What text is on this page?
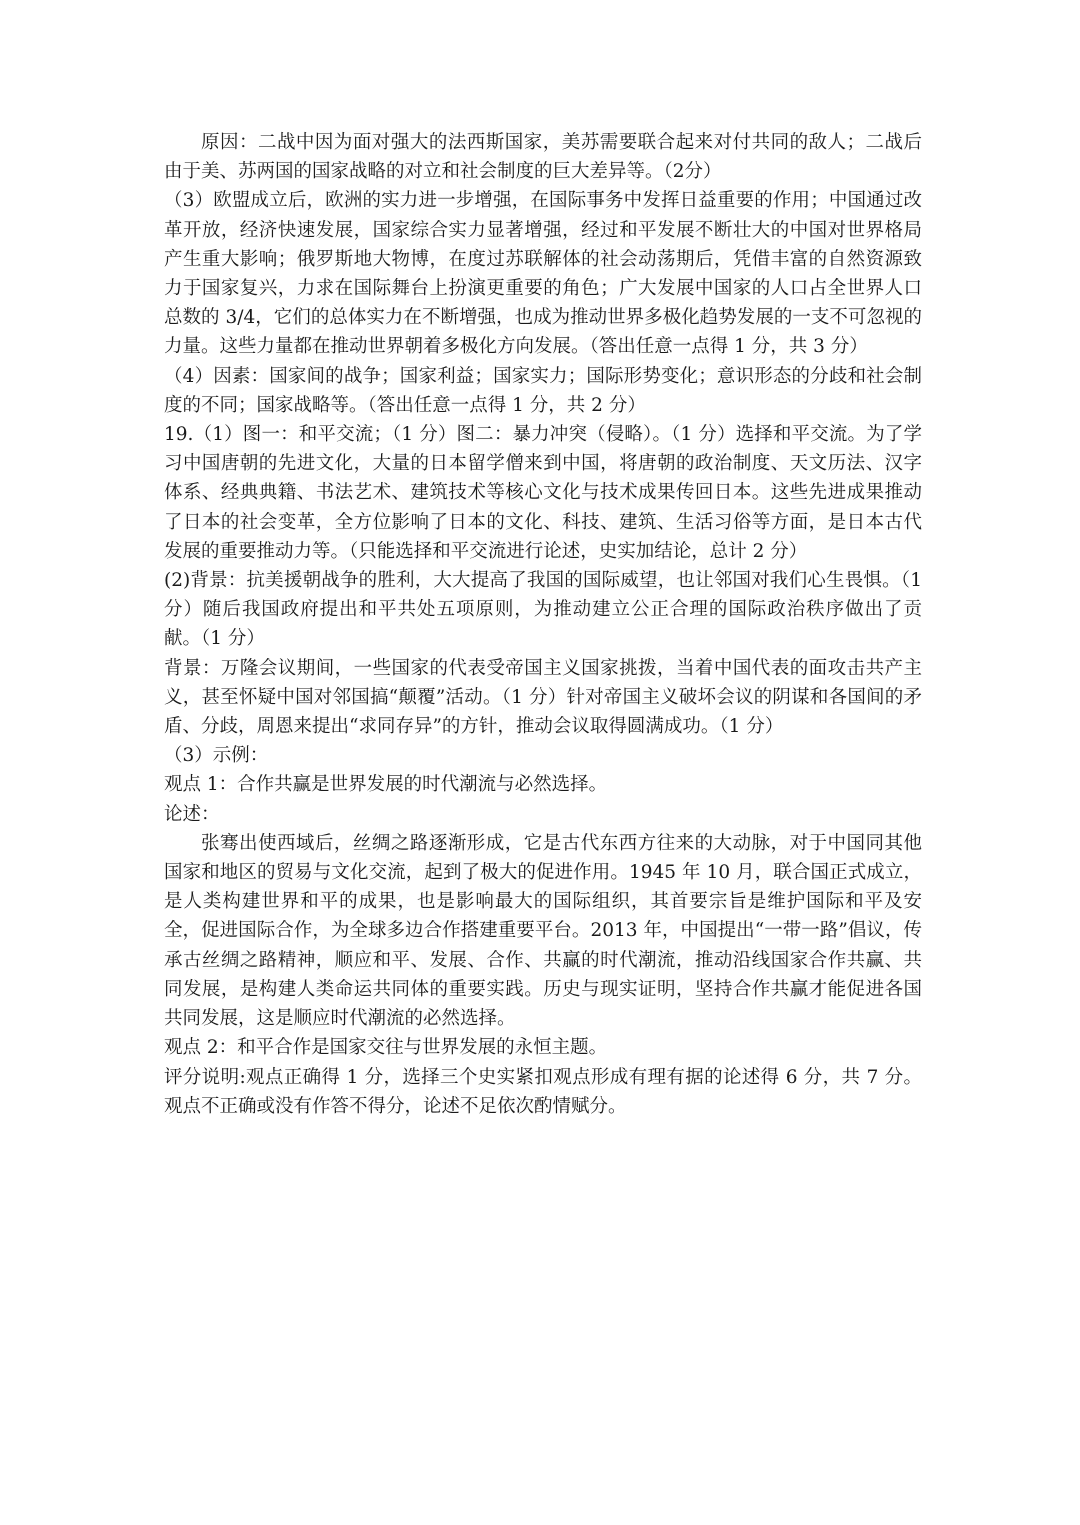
原因：二战中因为面对强大的法西斯国家，美苏需要联合起来对付共同的敌人；二战后由于美、苏两国的国家战略的对立和社会制度的巨大差异等。（2分）

（3）欧盟成立后，欧洲的实力进一步增强，在国际事务中发挥日益重要的作用；中国通过改革开放，经济快速发展，国家综合实力显著增强，经过和平发展不断壮大的中国对世界格局产生重大影响；俄罗斯地大物博，在度过苏联解体的社会动荡期后，凭借丰富的自然资源致力于国家复兴，力求在国际舞台上扮演更重要的角色；广大发展中国家的人口占全世界人口总数的 3/4，它们的总体实力在不断增强，也成为推动世界多极化趋势发展的一支不可忽视的力量。这些力量都在推动世界朝着多极化方向发展。（答出任意一点得 1 分，共 3 分）

（4）因素：国家间的战争；国家利益；国家实力；国际形势变化；意识形态的分歧和社会制度的不同；国家战略等。（答出任意一点得 1 分，共 2 分）

19.（1）图一：和平交流；（1 分）图二：暴力冲突（侵略）。（1 分）选择和平交流。为了学习中国唐朝的先进文化，大量的日本留学僧来到中国，将唐朝的政治制度、天文历法、汉字体系、经典典籍、书法艺术、建筑技术等核心文化与技术成果传回日本。这些先进成果推动了日本的社会变革，全方位影响了日本的文化、科技、建筑、生活习俗等方面，是日本古代发展的重要推动力等。（只能选择和平交流进行论述，史实加结论，总计 2 分）

(2)背景：抗美援朝战争的胜利，大大提高了我国的国际威望，也让邻国对我们心生畏惧。（1 分）随后我国政府提出和平共处五项原则，为推动建立公正合理的国际政治秩序做出了贡献。（1 分）

背景：万隆会议期间，一些国家的代表受帝国主义国家挑拨，当着中国代表的面攻击共产主义，甚至怀疑中国对邻国搞“颠覆”活动。（1 分）针对帝国主义破坏会议的阴谋和各国间的矛盾、分歧，周恩来提出“求同存异”的方针，推动会议取得圆满成功。（1 分）

（3）示例：

观点 1：合作共赢是世界发展的时代潮流与必然选择。

论述：

张骞出使西域后，丝绸之路逐渐形成，它是古代东西方往来的大动脉，对于中国同其他国家和地区的贸易与文化交流，起到了极大的促进作用。1945 年 10 月，联合国正式成立，是人类构建世界和平的成果，也是影响最大的国际组织，其首要宗旨是维护国际和平及安全，促进国际合作，为全球多边合作搭建重要平台。2013 年，中国提出“一带一路”倡议，传承古丝绸之路精神，顺应和平、发展、合作、共赢的时代潮流，推动沿线国家合作共赢、共同发展，是构建人类命运共同体的重要实践。历史与现实证明，坚持合作共赢才能促进各国共同发展，这是顺应时代潮流的必然选择。

观点 2：和平合作是国家交往与世界发展的永恒主题。

评分说明:观点正确得 1 分，选择三个史实紧扣观点形成有理有据的论述得 6 分，共 7 分。观点不正确或没有作答不得分，论述不足依次酌情赋分。
